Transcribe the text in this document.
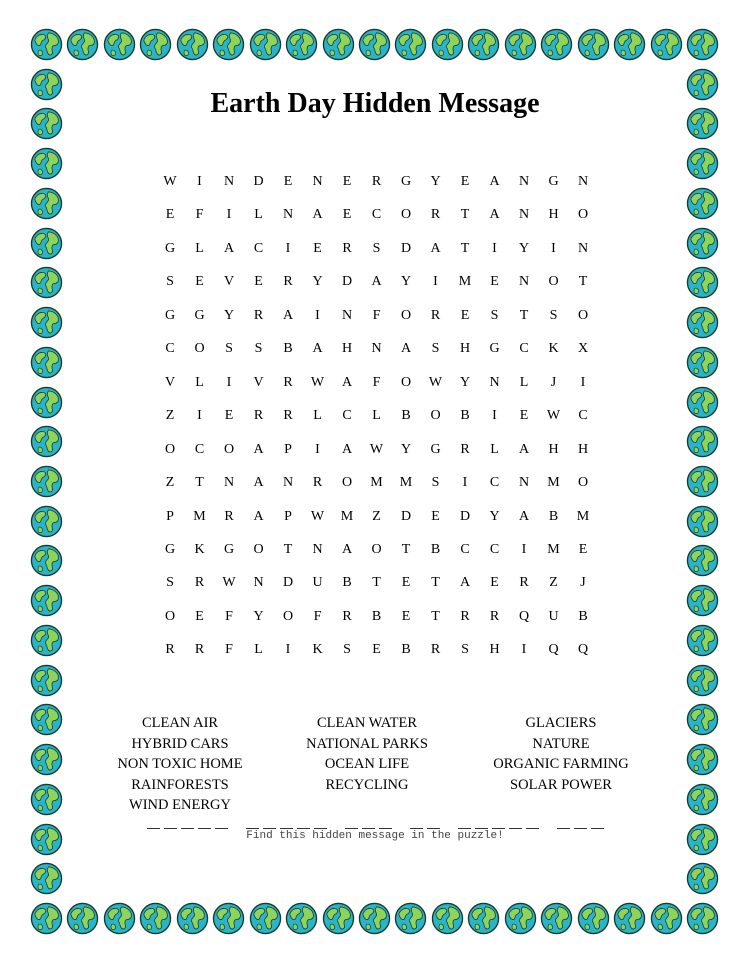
Earth Day Hidden Message
W	I	N	D	E	N	E	R	G	Y	E	A	N	G	N
E	F	I	L	N	A	E	C	O	R	T	A	N	H	O
G	L	A	C	I	E	R	S	D	A	T	I	Y	I	N
S	E	V	E	R	Y	D	A	Y	I	M	E	N	O	T
G	G	Y	R	A	I	N	F	O	R	E	S	T	S	O
C	O	S	S	B	A	H	N	A	S	H	G	C	K	X
V	L	I	V	R	W	A	F	O	W	Y	N	L	J	I
Z	I	E	R	R	L	C	L	B	O	B	I	E	W	C
O	C	O	A	P	I	A	W	Y	G	R	L	A	H	H
Z	T	N	A	N	R	O	M	M	S	I	C	N	M	O
P	M	R	A	P	W	M	Z	D	E	D	Y	A	B	M
G	K	G	O	T	N	A	O	T	B	C	C	I	M	E
S	R	W	N	D	U	B	T	E	T	A	E	R	Z	J
O	E	F	Y	O	F	R	B	E	T	R	R	Q	U	B
R	R	F	L	I	K	S	E	B	R	S	H	I	Q	Q
CLEAN AIR
HYBRID CARS
NON TOXIC HOME
RAINFORESTS
WIND ENERGY
CLEAN WATER
NATIONAL PARKS
OCEAN LIFE
RECYCLING
GLACIERS
NATURE
ORGANIC FARMING
SOLAR POWER
Find this hidden message in the puzzle!
